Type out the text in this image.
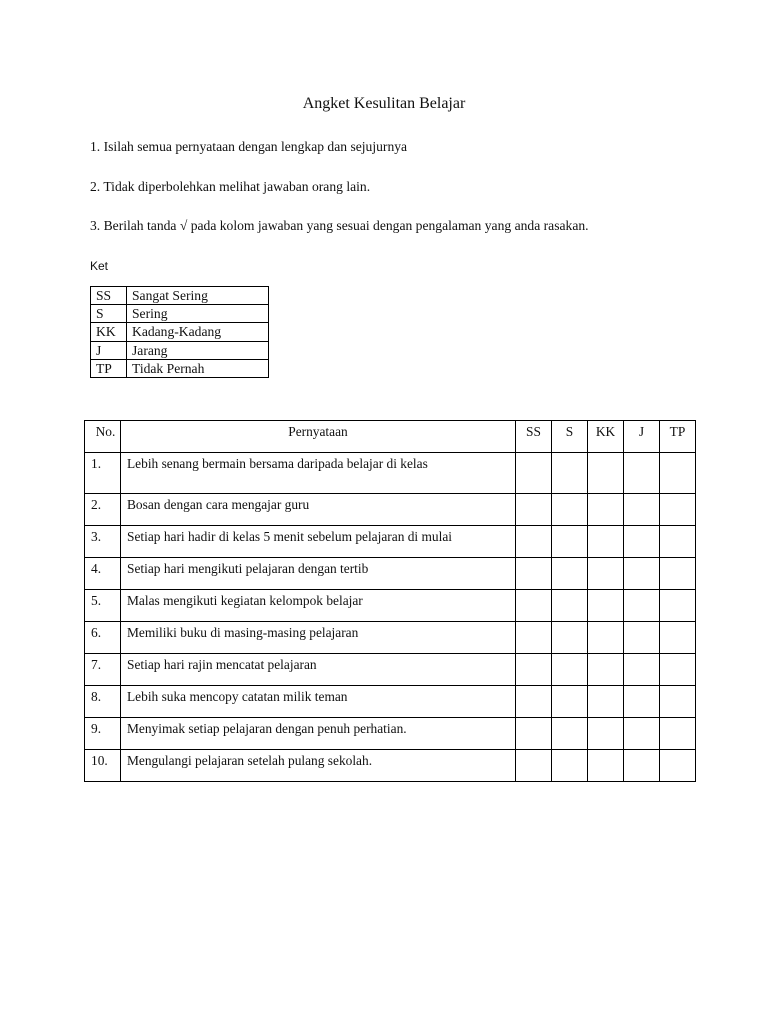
Angket Kesulitan Belajar
1. Isilah semua pernyataan dengan lengkap dan sejujurnya
2. Tidak diperbolehkan melihat jawaban orang lain.
3. Berilah tanda √ pada kolom jawaban yang sesuai dengan pengalaman yang anda rasakan.
Ket
SS	Sangat Sering
S	Sering
KK	Kadang-Kadang
J	Jarang
TP	Tidak Pernah
No.	Pernyataan	SS	S	KK	J	TP
1.	Lebih senang bermain bersama daripada belajar di kelas					
2.	Bosan dengan cara mengajar guru					
3.	Setiap hari hadir di kelas 5 menit sebelum pelajaran di mulai					
4.	Setiap hari mengikuti pelajaran dengan tertib					
5.	Malas mengikuti kegiatan kelompok belajar					
6.	Memiliki buku di masing-masing pelajaran					
7.	Setiap hari rajin mencatat pelajaran					
8.	Lebih suka mencopy catatan milik teman					
9.	Menyimak setiap pelajaran dengan penuh perhatian.					
10.	Mengulangi pelajaran setelah pulang sekolah.					
